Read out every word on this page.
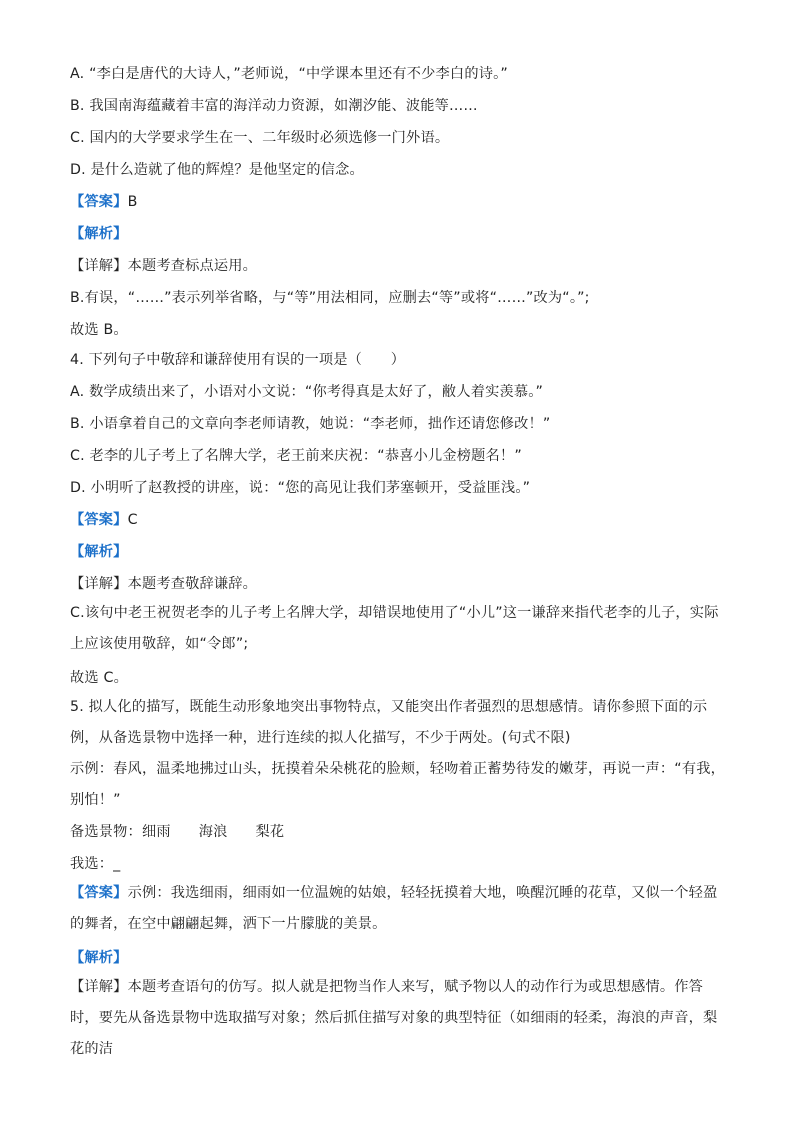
A. “李白是唐代的大诗人，”老师说，“中学课本里还有不少李白的诗。”
B. 我国南海蕴藏着丰富的海洋动力资源，如潮汐能、波能等……
C. 国内的大学要求学生在一、二年级时必须选修一门外语。
D. 是什么造就了他的辉煌？是他坚定的信念。
【答案】B
【解析】
【详解】本题考查标点运用。
B.有误，“……”表示列举省略，与“等”用法相同，应删去“等”或将“……”改为“。”;
故选 B。
4. 下列句子中敬辞和谦辞使用有误的一项是（　　）
A. 数学成绩出来了，小语对小文说：“你考得真是太好了，敝人着实羡慕。”
B. 小语拿着自己的文章向李老师请教，她说：“李老师，拙作还请您修改！”
C. 老李的儿子考上了名牌大学，老王前来庆祝：“恭喜小儿金榜题名！”
D. 小明听了赵教授的讲座，说：“您的高见让我们茅塞顿开，受益匪浅。”
【答案】C
【解析】
【详解】本题考查敬辞谦辞。
C.该句中老王祝贺老李的儿子考上名牌大学，却错误地使用了“小儿”这一谦辞来指代老李的儿子，实际上应该使用敬辞，如“令郎”;
故选 C。
5. 拟人化的描写，既能生动形象地突出事物特点，又能突出作者强烈的思想感情。请你参照下面的示例，从备选景物中选择一种，进行连续的拟人化描写，不少于两处。(句式不限)
示例：春风，温柔地拂过山头，抚摸着朵朵桃花的脸颊，轻吻着正蓄势待发的嫩芽，再说一声：“有我，别怕！”
备选景物：细雨 海浪 梨花
我选：_
【答案】示例：我选细雨，细雨如一位温婉的姑娘，轻轻抚摸着大地，唤醒沉睡的花草，又似一个轻盈的舞者，在空中翩翩起舞，洒下一片朦胧的美景。
【解析】
【详解】本题考查语句的仿写。拟人就是把物当作人来写，赋予物以人的动作行为或思想感情。作答时，要先从备选景物中选取描写对象；然后抓住描写对象的典型特征（如细雨的轻柔，海浪的声音，梨花的洁
